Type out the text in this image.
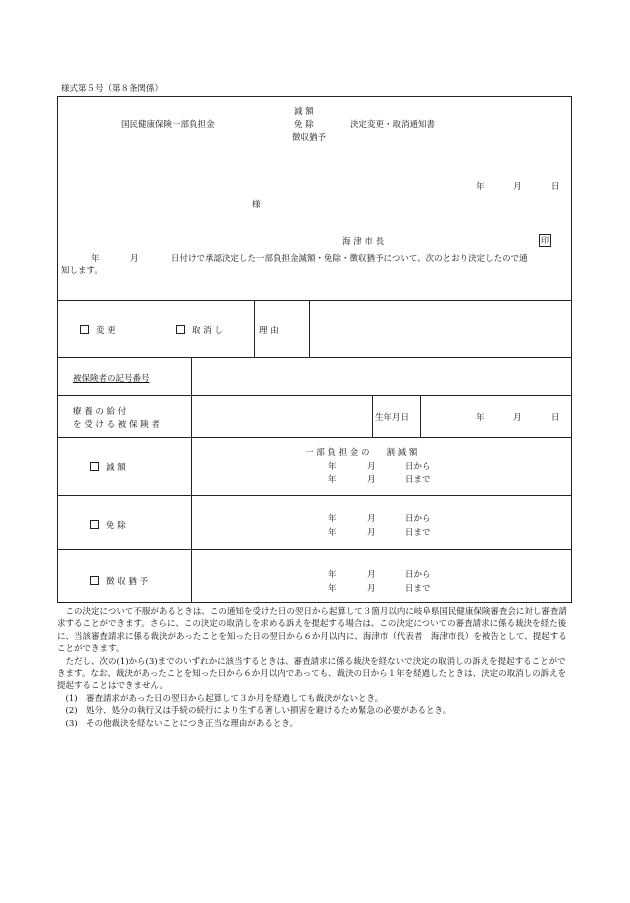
様式第５号（第８条関係）
国民健康保険一部負担金
減 額
免 除
徴収猶予
決定変更・取消通知書
年	月	日
様
海 津 市 長	印
年	月	日付けで承認決定した一部負担金減額・免除・徴収猶予について、次のとおり決定したので通
知します。
変 更	取 消 し	理 由
被保険者の記号番号
療 養 の 給 付
を 受 け る 被 保 険 者
生年月日	年	月	日
減 額
一 部 負 担 金 の　　割 減 額
年	月	日から
年	月	日まで
免 除
年	月	日から
年	月	日まで
徴 収 猶 予
年	月	日から
年	月	日まで

この決定について不服があるときは、この通知を受けた日の翌日から起算して３箇月以内に岐阜県国民健康保険審査会に対し審査請求することができます。さらに、この決定の取消しを求める訴えを提起する場合は、この決定についての審査請求に係る裁決を経た後に、当該審査請求に係る裁決があったことを知った日の翌日から６か月以内に、海津市（代表者　海津市長）を被告として、提起することができます。

ただし、次の(1)から(3)までのいずれかに該当するときは、審査請求に係る裁決を経ないで決定の取消しの訴えを提起することができます。なお、裁決があったことを知った日から６か月以内であっても、裁決の日から１年を経過したときは、決定の取消しの訴えを提起することはできません。

(1)　審査請求があった日の翌日から起算して３か月を経過しても裁決がないとき。

(2)　処分、処分の執行又は手続の続行により生ずる著しい損害を避けるため緊急の必要があるとき。

(3)　その他裁決を経ないことにつき正当な理由があるとき。
